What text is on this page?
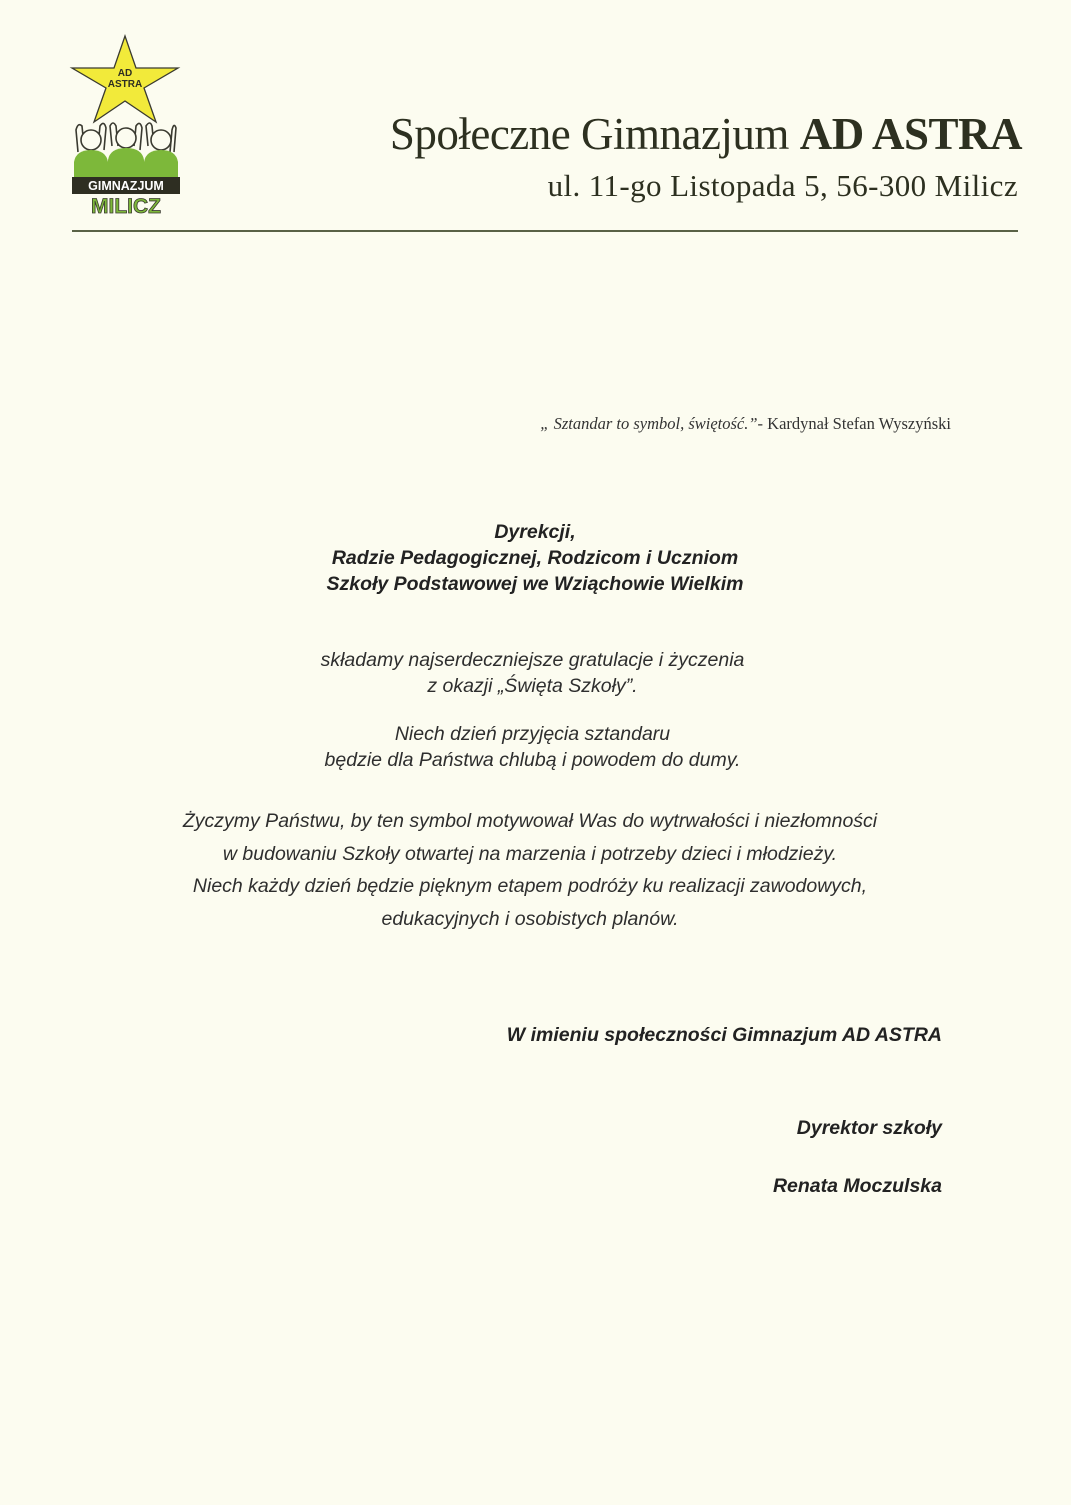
AD
ASTRA
GIMNAZJUM
MILICZ
Społeczne Gimnazjum AD ASTRA
ul. 11-go Listopada 5, 56-300 Milicz
„ Sztandar to symbol, świętość.”- Kardynał Stefan Wyszyński
Dyrekcji,
Radzie Pedagogicznej, Rodzicom i Uczniom
Szkoły Podstawowej we Wziąchowie Wielkim
składamy najserdeczniejsze gratulacje i życzenia
z okazji „Święta Szkoły”.
Niech dzień przyjęcia sztandaru
będzie dla Państwa chlubą i powodem do dumy.
Życzymy Państwu, by ten symbol motywował Was do wytrwałości i niezłomności
w budowaniu Szkoły otwartej na marzenia i potrzeby dzieci i młodzieży.
Niech każdy dzień będzie pięknym etapem podróży ku realizacji zawodowych,
edukacyjnych i osobistych planów.
W imieniu społeczności Gimnazjum AD ASTRA
Dyrektor szkoły
Renata Moczulska
